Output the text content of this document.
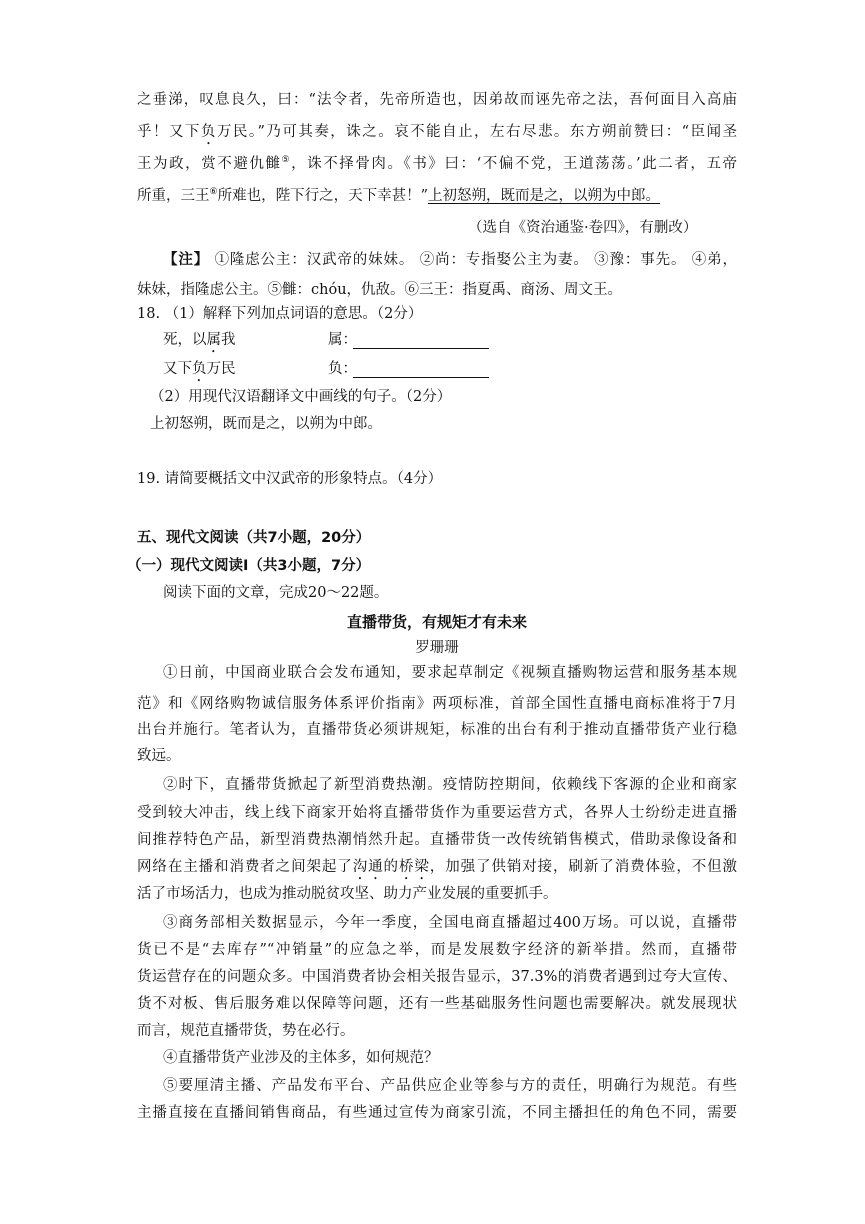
之垂涕，叹息良久，曰：“法令者，先帝所造也，因弟故而诬先帝之法，吾何面目入高庙
乎！又下负万民。”乃可其奏，诛之。哀不能自止，左右尽悲。东方朔前赞曰：“臣闻圣
王为政，赏不避仇雠⑤，诛不择骨肉。《书》曰：‘不偏不党，王道荡荡。’此二者，五帝
所重，三王⑥所难也，陛下行之，天下幸甚！”上初怒朔，既而是之，以朔为中郎。
（选自《资治通鉴·卷四》，有删改）
【注】 ①隆虑公主：汉武帝的妹妹。 ②尚：专指娶公主为妻。 ③豫：事先。 ④弟，
妹妹，指隆虑公主。⑤雠：chóu，仇敌。⑥三王：指夏禹、商汤、周文王。
18. （1）解释下列加点词语的意思。（2分）
死，以属我	属：
又下负万民	负：
（2）用现代汉语翻译文中画线的句子。（2分）
上初怒朔，既而是之，以朔为中郎。
19. 请简要概括文中汉武帝的形象特点。（4分）
五、现代文阅读（共7小题，20分）
（一）现代文阅读Ⅰ（共3小题，7分）
阅读下面的文章，完成20～22题。
直播带货，有规矩才有未来
罗珊珊
①日前，中国商业联合会发布通知，要求起草制定《视频直播购物运营和服务基本规
范》和《网络购物诚信服务体系评价指南》两项标准，首部全国性直播电商标准将于7月
出台并施行。笔者认为，直播带货必须讲规矩，标准的出台有利于推动直播带货产业行稳
致远。
②时下，直播带货掀起了新型消费热潮。疫情防控期间，依赖线下客源的企业和商家
受到较大冲击，线上线下商家开始将直播带货作为重要运营方式，各界人士纷纷走进直播
间推荐特色产品，新型消费热潮悄然升起。直播带货一改传统销售模式，借助录像设备和
网络在主播和消费者之间架起了沟通的桥梁，加强了供销对接，刷新了消费体验，不但激
活了市场活力，也成为推动脱贫攻坚、助力产业发展的重要抓手。
③商务部相关数据显示，今年一季度，全国电商直播超过400万场。可以说，直播带
货已不是“去库存”“冲销量”的应急之举，而是发展数字经济的新举措。然而，直播带
货运营存在的问题众多。中国消费者协会相关报告显示，37.3%的消费者遇到过夸大宣传、
货不对板、售后服务难以保障等问题，还有一些基础服务性问题也需要解决。就发展现状
而言，规范直播带货，势在必行。
④直播带货产业涉及的主体多，如何规范？
⑤要厘清主播、产品发布平台、产品供应企业等参与方的责任，明确行为规范。有些
主播直接在直播间销售商品，有些通过宣传为商家引流，不同主播担任的角色不同，需要
